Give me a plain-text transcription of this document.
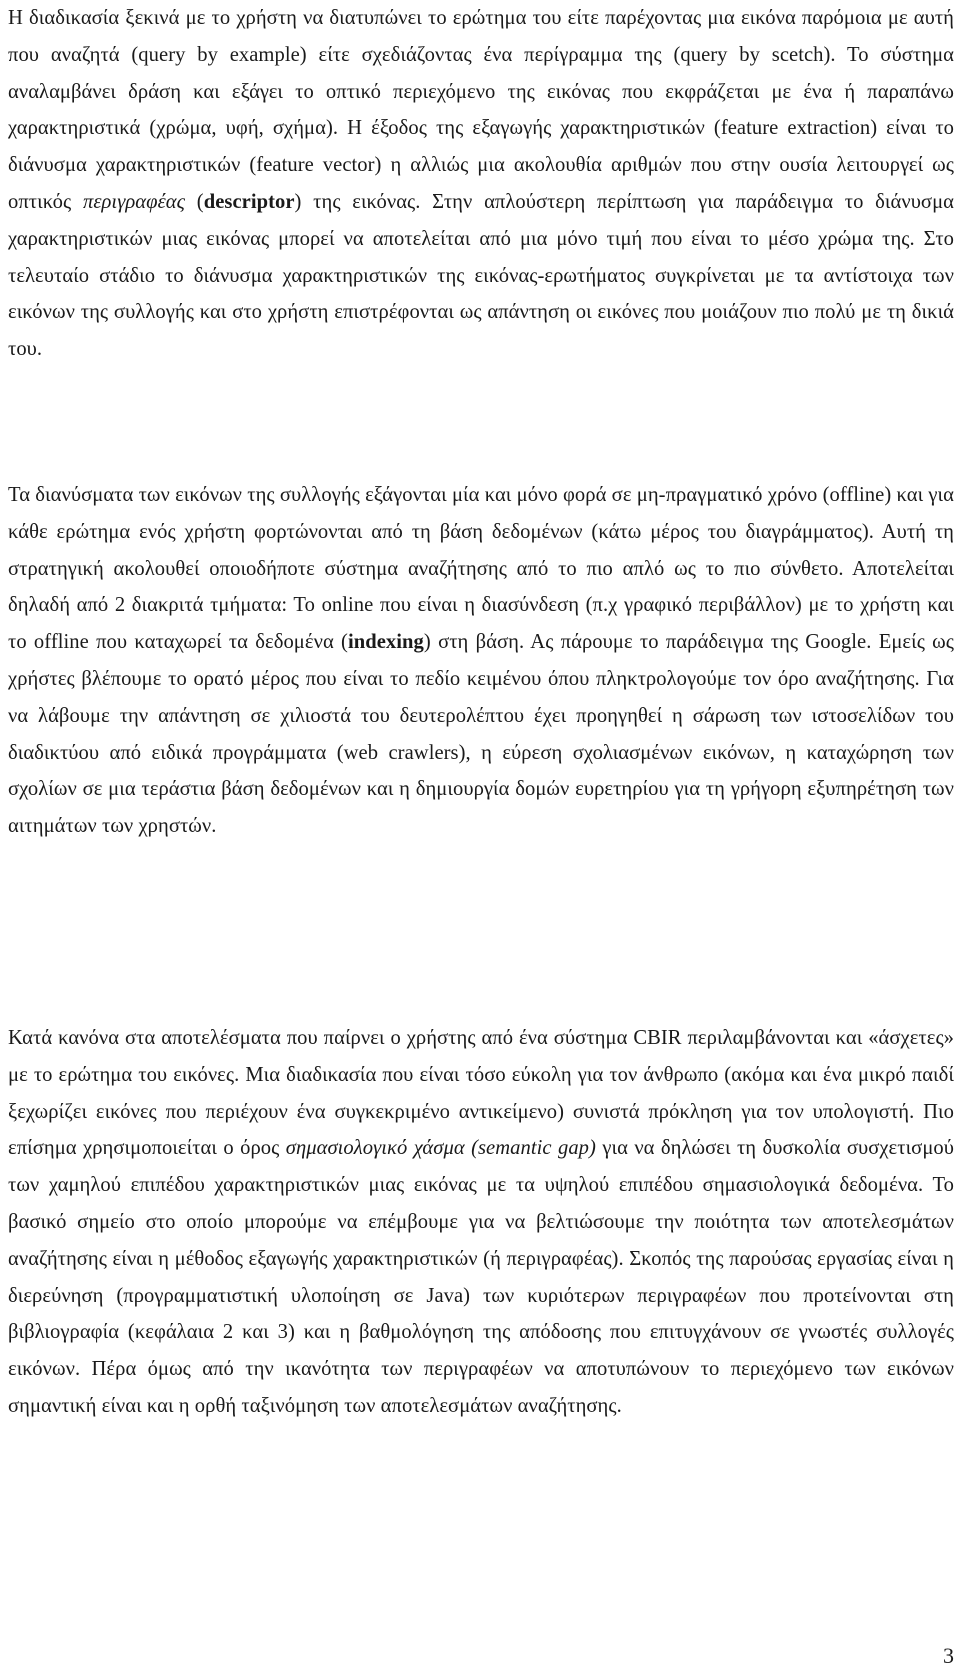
Η διαδικασία ξεκινά με το χρήστη να διατυπώνει το ερώτημα του είτε παρέχοντας μια εικόνα παρόμοια με αυτή που αναζητά (query by example) είτε σχεδιάζοντας ένα περίγραμμα της (query by scetch). Το σύστημα αναλαμβάνει δράση και εξάγει το οπτικό περιεχόμενο της εικόνας που εκφράζεται με ένα ή παραπάνω χαρακτηριστικά (χρώμα, υφή, σχήμα). Η έξοδος της εξαγωγής χαρακτηριστικών (feature extraction) είναι το διάνυσμα χαρακτηριστικών (feature vector) η αλλιώς μια ακολουθία αριθμών που στην ουσία λειτουργεί ως οπτικός περιγραφέας (descriptor) της εικόνας. Στην απλούστερη περίπτωση για παράδειγμα το διάνυσμα χαρακτηριστικών μιας εικόνας μπορεί να αποτελείται από μια μόνο τιμή που είναι το μέσο χρώμα της. Στο τελευταίο στάδιο το διάνυσμα χαρακτηριστικών της εικόνας-ερωτήματος συγκρίνεται με τα αντίστοιχα των εικόνων της συλλογής και στο χρήστη επιστρέφονται ως απάντηση οι εικόνες που μοιάζουν πιο πολύ με τη δικιά του.

Τα διανύσματα των εικόνων της συλλογής εξάγονται μία και μόνο φορά σε μη-πραγματικό χρόνο (offline) και για κάθε ερώτημα ενός χρήστη φορτώνονται από τη βάση δεδομένων (κάτω μέρος του διαγράμματος). Αυτή τη στρατηγική ακολουθεί οποιοδήποτε σύστημα αναζήτησης από το πιο απλό ως το πιο σύνθετο. Αποτελείται δηλαδή από 2 διακριτά τμήματα: Το online που είναι η διασύνδεση (π.χ γραφικό περιβάλλον) με το χρήστη και το offline που καταχωρεί τα δεδομένα (indexing) στη βάση. Ας πάρουμε το παράδειγμα της Google. Εμείς ως χρήστες βλέπουμε το ορατό μέρος που είναι το πεδίο κειμένου όπου πληκτρολογούμε τον όρο αναζήτησης. Για να λάβουμε την απάντηση σε χιλιοστά του δευτερολέπτου έχει προηγηθεί η σάρωση των ιστοσελίδων του διαδικτύου από ειδικά προγράμματα (web crawlers), η εύρεση σχολιασμένων εικόνων, η καταχώρηση των σχολίων σε μια τεράστια βάση δεδομένων και η δημιουργία δομών ευρετηρίου για τη γρήγορη εξυπηρέτηση των αιτημάτων των χρηστών.

Κατά κανόνα στα αποτελέσματα που παίρνει ο χρήστης από ένα σύστημα CBIR περιλαμβάνονται και «άσχετες» με το ερώτημα του εικόνες. Μια διαδικασία που είναι τόσο εύκολη για τον άνθρωπο (ακόμα και ένα μικρό παιδί ξεχωρίζει εικόνες που περιέχουν ένα συγκεκριμένο αντικείμενο) συνιστά πρόκληση για τον υπολογιστή. Πιο επίσημα χρησιμοποιείται ο όρος σημασιολογικό χάσμα (semantic gap) για να δηλώσει τη δυσκολία συσχετισμού των χαμηλού επιπέδου χαρακτηριστικών μιας εικόνας με τα υψηλού επιπέδου σημασιολογικά δεδομένα. Το βασικό σημείο στο οποίο μπορούμε να επέμβουμε για να βελτιώσουμε την ποιότητα των αποτελεσμάτων αναζήτησης είναι η μέθοδος εξαγωγής χαρακτηριστικών (ή περιγραφέας). Σκοπός της παρούσας εργασίας είναι η διερεύνηση (προγραμματιστική υλοποίηση σε Java) των κυριότερων περιγραφέων που προτείνονται στη βιβλιογραφία (κεφάλαια 2 και 3) και η βαθμολόγηση της απόδοσης που επιτυγχάνουν σε γνωστές συλλογές εικόνων. Πέρα όμως από την ικανότητα των περιγραφέων να αποτυπώνουν το περιεχόμενο των εικόνων σημαντική είναι και η ορθή ταξινόμηση των αποτελεσμάτων αναζήτησης.

3
